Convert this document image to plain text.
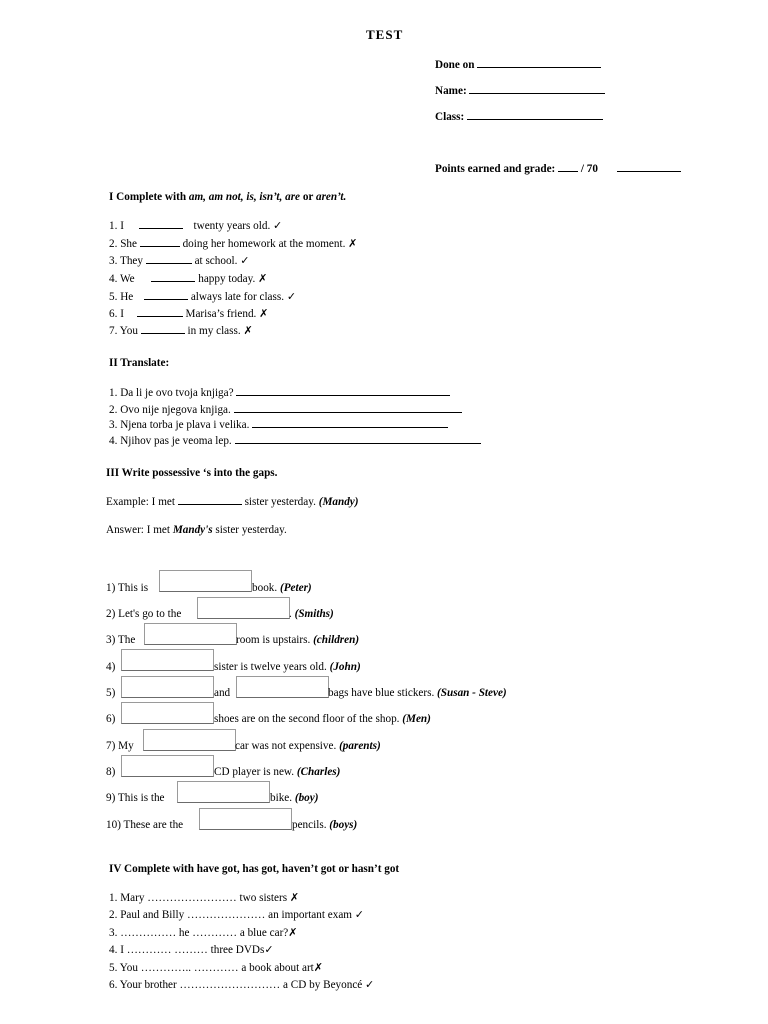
TEST
Done on
Name:
Class:
Points earned and grade: / 70
I Complete with am, am not, is, isn’t, are or aren’t.
1. I	twenty years old. ✓
2. She	doing her homework at the moment. ✗
3. They	at school. ✓
4. We	happy today. ✗
5. He	always late for class. ✓
6. I	Marisa’s friend. ✗
7. You	in my class. ✗
II Translate:
1. Da li je ovo tvoja knjiga?
2. Ovo nije njegova knjiga.
3. Njena torba je plava i velika.
4. Njihov pas je veoma lep.
III Write possessive ‘s into the gaps.
Example: I met	sister yesterday. (Mandy)
Answer: I met Mandy's sister yesterday.
1) This is	book. (Peter)
2) Let's go to the	. (Smiths)
3) The	room is upstairs. (children)
4)	sister is twelve years old. (John)
5)	and	bags have blue stickers. (Susan - Steve)
6)	shoes are on the second floor of the shop. (Men)
7) My	car was not expensive. (parents)
8)	CD player is new. (Charles)
9) This is the	bike. (boy)
10) These are the	pencils. (boys)
IV Complete with have got, has got, haven’t got or hasn’t got
1. Mary …………………… two sisters ✗
2. Paul and Billy ………………… an important exam ✓
3. …………… he ………… a blue car?✗
4. I ………… ……… three DVDs✓
5. You ………….. ………… a book about art✗
6. Your brother ……………………… a CD by Beyoncé ✓
